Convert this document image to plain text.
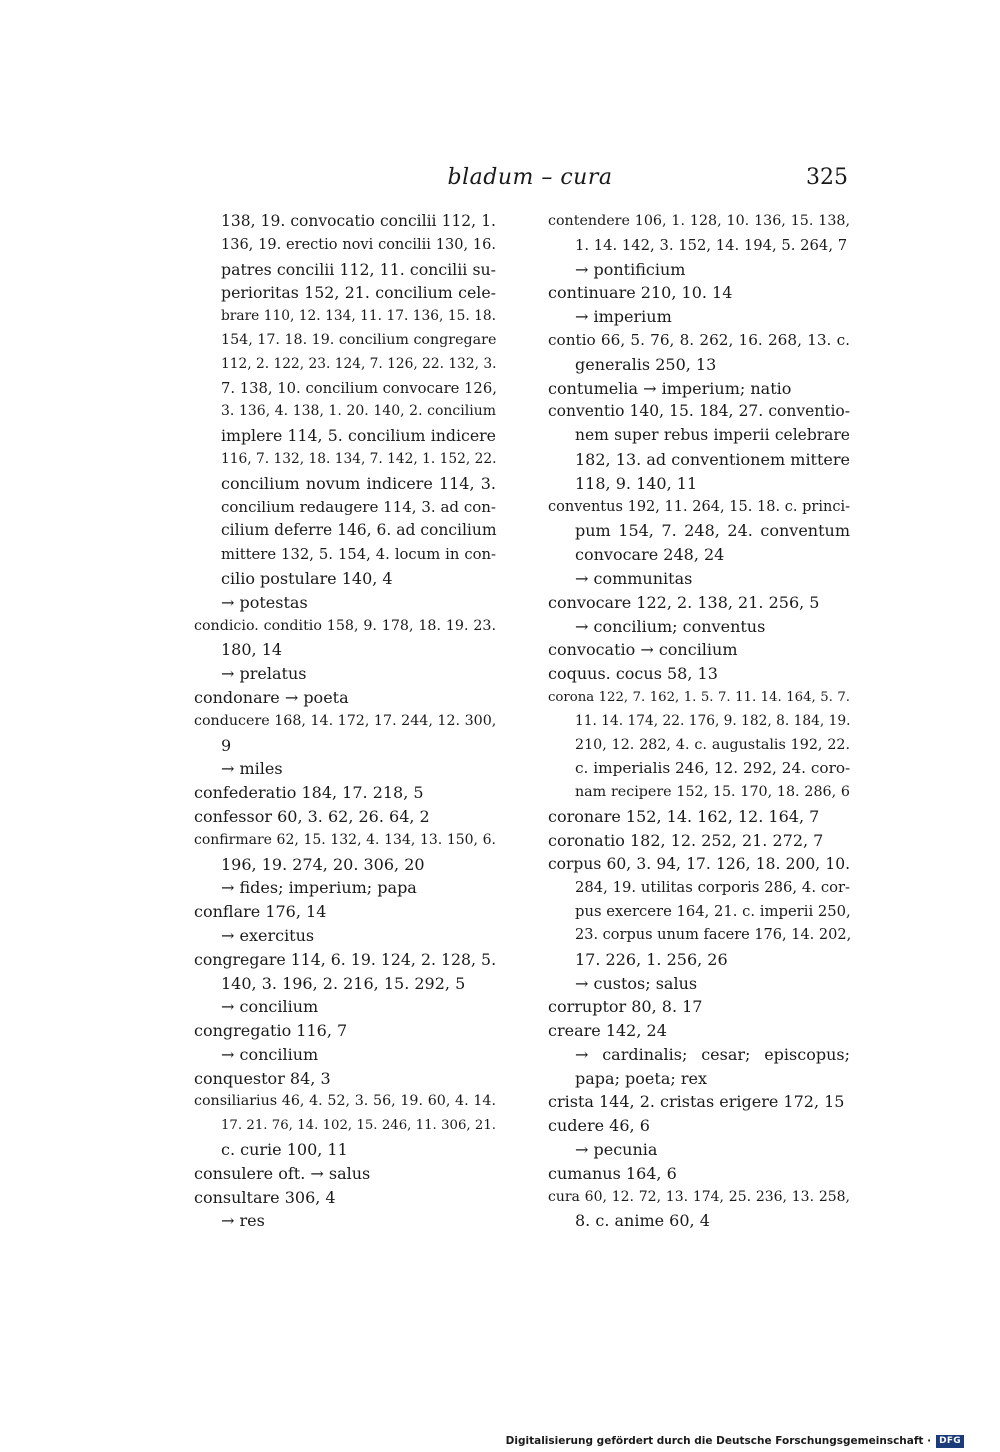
bladum – cura	325
138, 19. convocatio concilii 112, 1.
136, 19. erectio novi concilii 130, 16.
patres concilii 112, 11. concilii su-
perioritas 152, 21. concilium cele-
brare 110, 12. 134, 11. 17. 136, 15. 18.
154, 17. 18. 19. concilium congregare
112, 2. 122, 23. 124, 7. 126, 22. 132, 3.
7. 138, 10. concilium convocare 126,
3. 136, 4. 138, 1. 20. 140, 2. concilium
implere 114, 5. concilium indicere
116, 7. 132, 18. 134, 7. 142, 1. 152, 22.
concilium novum indicere 114, 3.
concilium redaugere 114, 3. ad con-
cilium deferre 146, 6. ad concilium
mittere 132, 5. 154, 4. locum in con-
cilio postulare 140, 4
→ potestas
condicio. conditio 158, 9. 178, 18. 19. 23.
180, 14
→ prelatus
condonare → poeta
conducere 168, 14. 172, 17. 244, 12. 300,
9
→ miles
confederatio 184, 17. 218, 5
confessor 60, 3. 62, 26. 64, 2
confirmare 62, 15. 132, 4. 134, 13. 150, 6.
196, 19. 274, 20. 306, 20
→ fides; imperium; papa
conflare 176, 14
→ exercitus
congregare 114, 6. 19. 124, 2. 128, 5.
140, 3. 196, 2. 216, 15. 292, 5
→ concilium
congregatio 116, 7
→ concilium
conquestor 84, 3
consiliarius 46, 4. 52, 3. 56, 19. 60, 4. 14.
17. 21. 76, 14. 102, 15. 246, 11. 306, 21.
c. curie 100, 11
consulere oft. → salus
consultare 306, 4
→ res
contendere 106, 1. 128, 10. 136, 15. 138,
1. 14. 142, 3. 152, 14. 194, 5. 264, 7
→ pontificium
continuare 210, 10. 14
→ imperium
contio 66, 5. 76, 8. 262, 16. 268, 13. c.
generalis 250, 13
contumelia → imperium; natio
conventio 140, 15. 184, 27. conventio-
nem super rebus imperii celebrare
182, 13. ad conventionem mittere
118, 9. 140, 11
conventus 192, 11. 264, 15. 18. c. princi-
pum 154, 7. 248, 24. conventum
convocare 248, 24
→ communitas
convocare 122, 2. 138, 21. 256, 5
→ concilium; conventus
convocatio → concilium
coquus. cocus 58, 13
corona 122, 7. 162, 1. 5. 7. 11. 14. 164, 5. 7.
11. 14. 174, 22. 176, 9. 182, 8. 184, 19.
210, 12. 282, 4. c. augustalis 192, 22.
c. imperialis 246, 12. 292, 24. coro-
nam recipere 152, 15. 170, 18. 286, 6
coronare 152, 14. 162, 12. 164, 7
coronatio 182, 12. 252, 21. 272, 7
corpus 60, 3. 94, 17. 126, 18. 200, 10.
284, 19. utilitas corporis 286, 4. cor-
pus exercere 164, 21. c. imperii 250,
23. corpus unum facere 176, 14. 202,
17. 226, 1. 256, 26
→ custos; salus
corruptor 80, 8. 17
creare 142, 24
→ cardinalis; cesar; episcopus;
papa; poeta; rex
crista 144, 2. cristas erigere 172, 15
cudere 46, 6
→ pecunia
cumanus 164, 6
cura 60, 12. 72, 13. 174, 25. 236, 13. 258,
8. c. anime 60, 4
Digitalisierung gefördert durch die Deutsche Forschungsgemeinschaft · DFG
